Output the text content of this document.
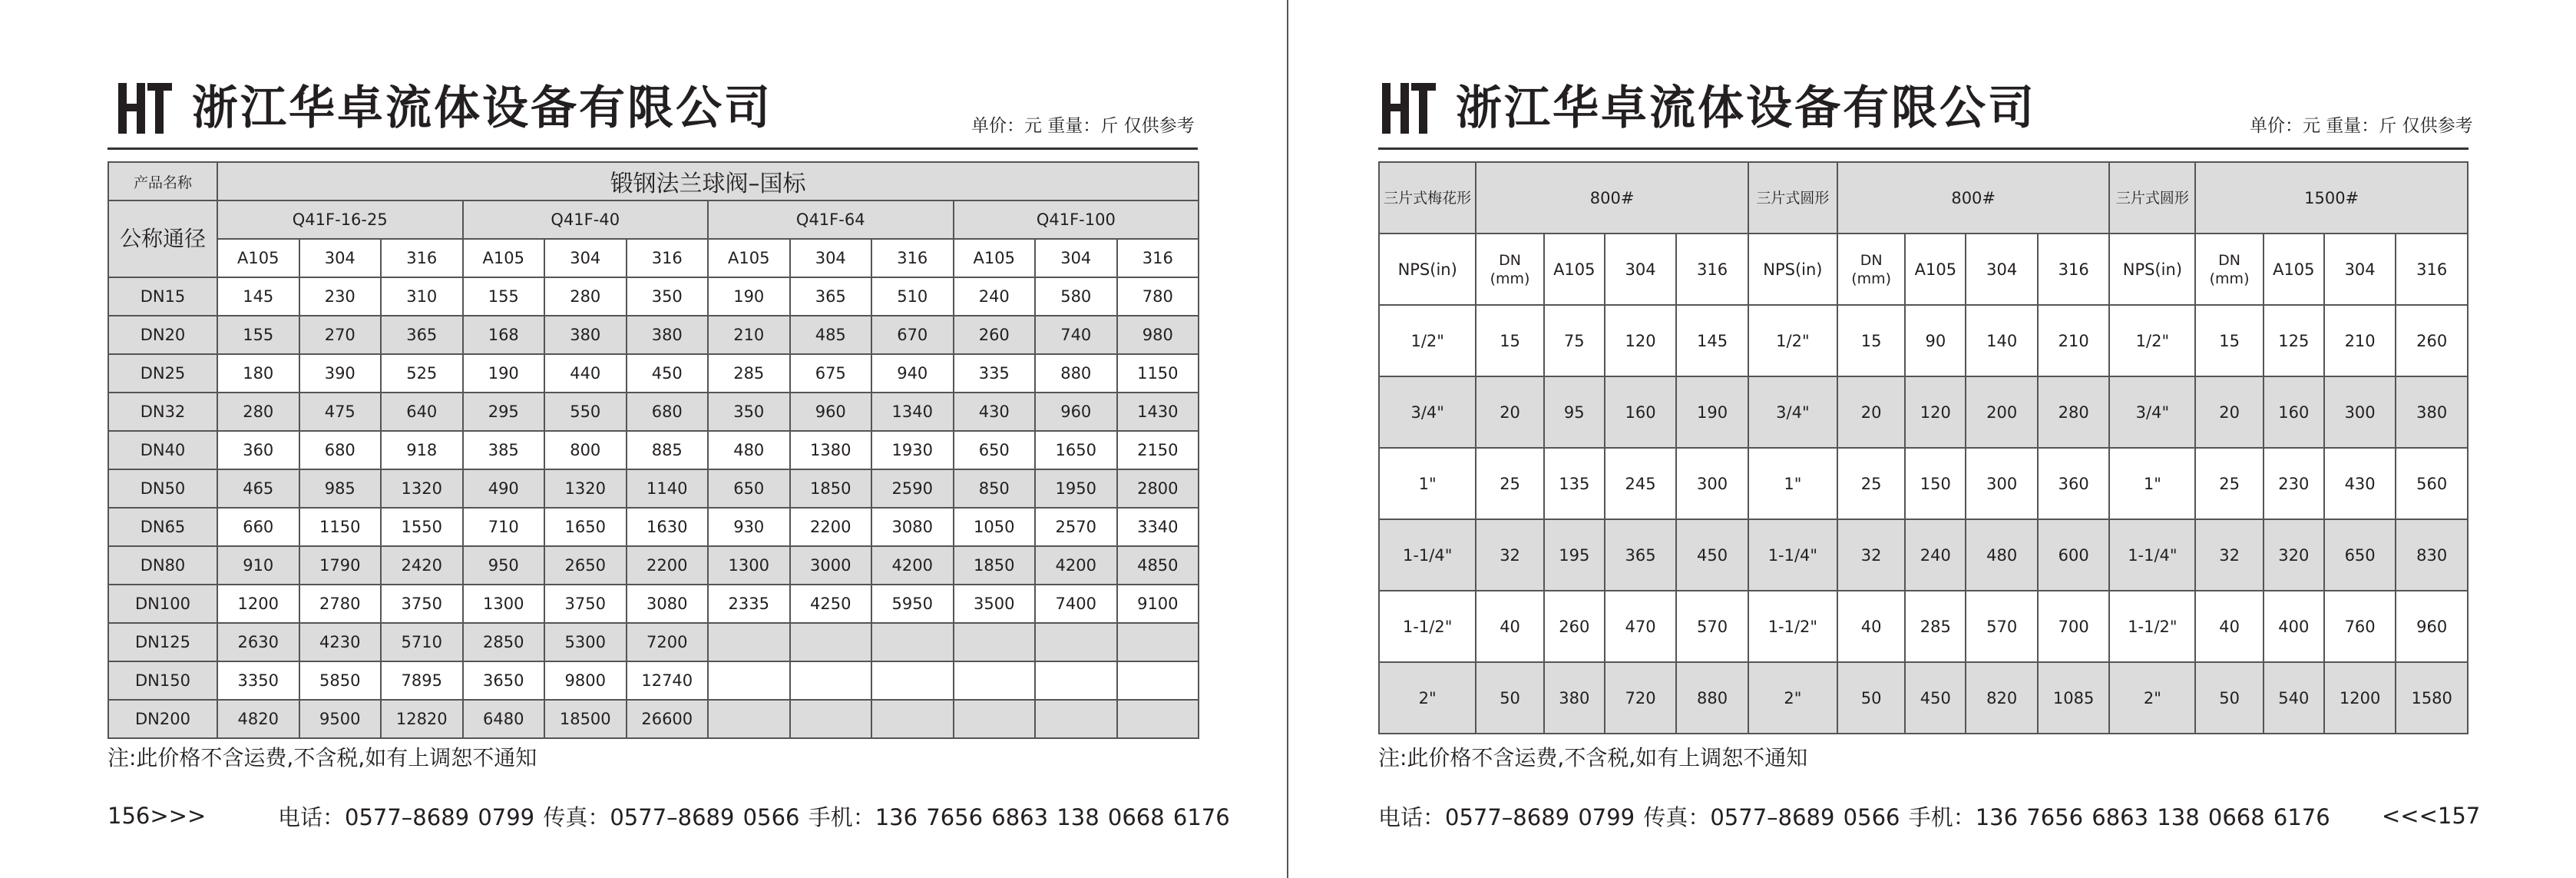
浙江华卓流体设备有限公司	单价：元 重量：斤 仅供参考
产品名称	锻钢法兰球阀–国标											
公称通径	Q41F-16-25			Q41F-40			Q41F-64			Q41F-100		
	A105	304	316	A105	304	316	A105	304	316	A105	304	316
DN15	145	230	310	155	280	350	190	365	510	240	580	780
DN20	155	270	365	168	380	380	210	485	670	260	740	980
DN25	180	390	525	190	440	450	285	675	940	335	880	1150
DN32	280	475	640	295	550	680	350	960	1340	430	960	1430
DN40	360	680	918	385	800	885	480	1380	1930	650	1650	2150
DN50	465	985	1320	490	1320	1140	650	1850	2590	850	1950	2800
DN65	660	1150	1550	710	1650	1630	930	2200	3080	1050	2570	3340
DN80	910	1790	2420	950	2650	2200	1300	3000	4200	1850	4200	4850
DN100	1200	2780	3750	1300	3750	3080	2335	4250	5950	3500	7400	9100
DN125	2630	4230	5710	2850	5300	7200						
DN150	3350	5850	7895	3650	9800	12740						
DN200	4820	9500	12820	6480	18500	26600						
注:此价格不含运费,不含税,如有上调恕不通知
156>>>	电话：0577–8689 0799 传真：0577–8689 0566 手机：136 7656 6863 138 0668 6176
浙江华卓流体设备有限公司	单价：元 重量：斤 仅供参考
三片式梅花形	800#				三片式圆形	800#				三片式圆形	1500#			
NPS(in)	DN (mm)	A105	304	316	NPS(in)	DN (mm)	A105	304	316	NPS(in)	DN (mm)	A105	304	316
1/2"	15	75	120	145	1/2"	15	90	140	210	1/2"	15	125	210	260
3/4"	20	95	160	190	3/4"	20	120	200	280	3/4"	20	160	300	380
1"	25	135	245	300	1"	25	150	300	360	1"	25	230	430	560
1-1/4"	32	195	365	450	1-1/4"	32	240	480	600	1-1/4"	32	320	650	830
1-1/2"	40	260	470	570	1-1/2"	40	285	570	700	1-1/2"	40	400	760	960
2"	50	380	720	880	2"	50	450	820	1085	2"	50	540	1200	1580
注:此价格不含运费,不含税,如有上调恕不通知
电话：0577–8689 0799 传真：0577–8689 0566 手机：136 7656 6863 138 0668 6176 <<<157
